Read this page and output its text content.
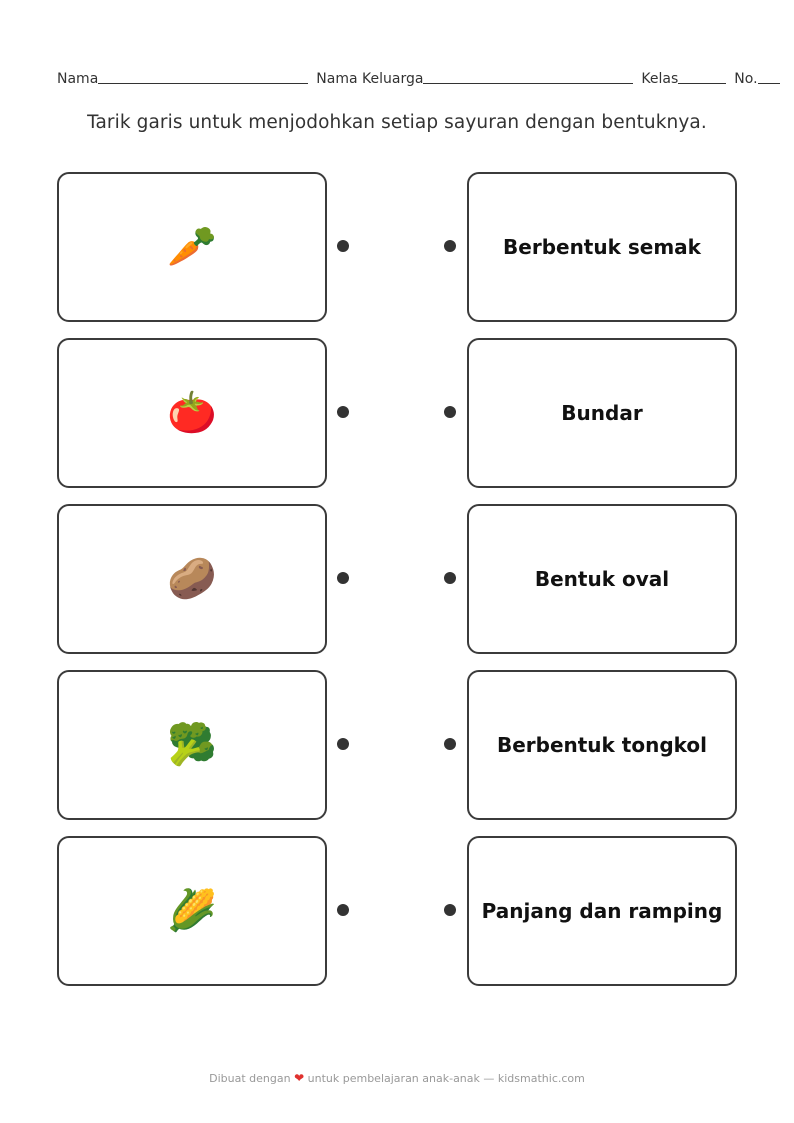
Nama	Nama Keluarga	Kelas	No.
Tarik garis untuk menjodohkan setiap sayuran dengan bentuknya.
🥕	Berbentuk semak
🍅	Bundar
🥔	Bentuk oval
🥦	Berbentuk tongkol
🌽	Panjang dan ramping
Dibuat dengan ❤ untuk pembelajaran anak-anak — kidsmathic.com
